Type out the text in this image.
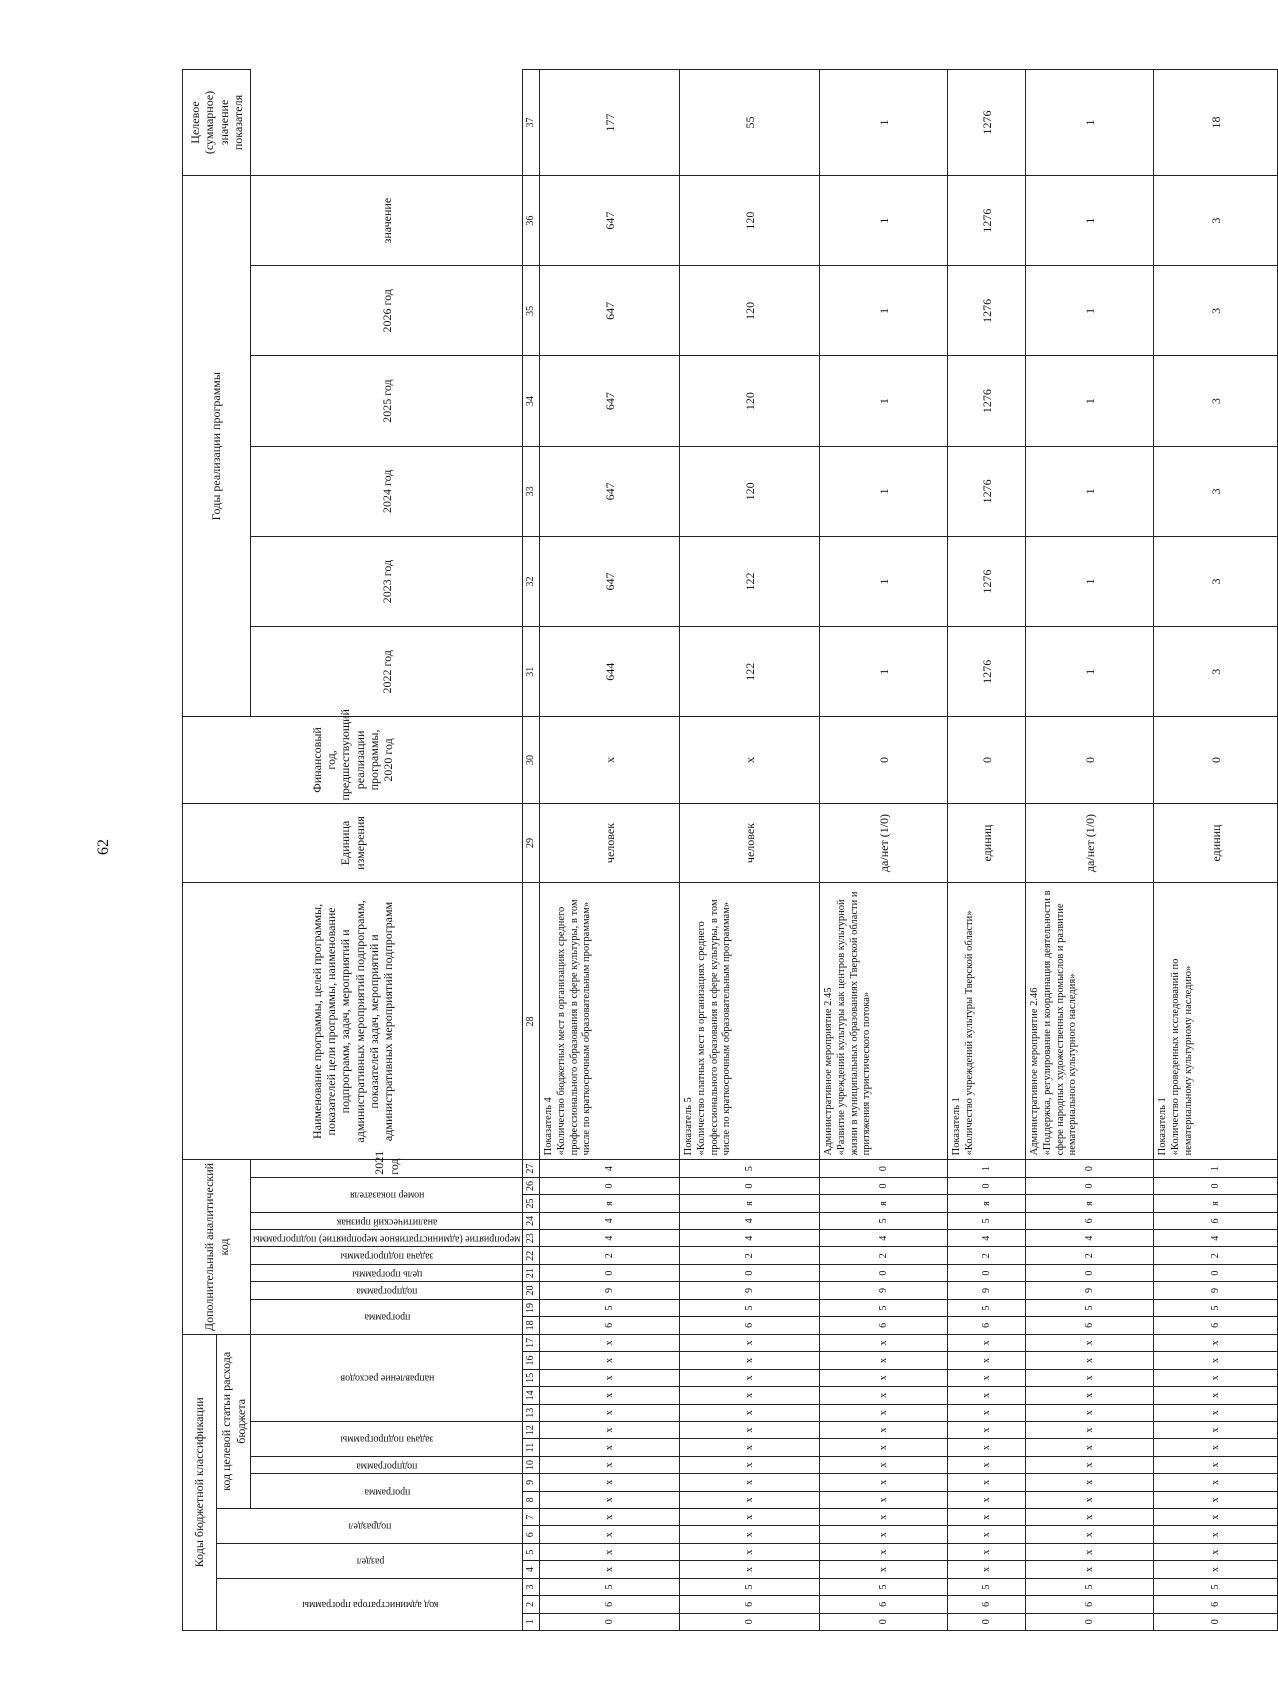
62
Коды бюджетной классификации																	Дополнительный аналитический код										Наименование программы, целей программы, показателей цели программы, наименование подпрограмм, задач, мероприятий и административных мероприятий подпрограмм, показателей задач, мероприятий и административных мероприятий подпрограмм	Единица измерения	Финансовый год, предшествующий реализации программы, 2020 год	Годы реализации программы						Целевое (суммарное) значение показателя
код администратора программы			раздел		подраздел		код целевой статьи расхода бюджета																													
							программа		подпрограмма	задача подпрограммы		направление расходов					программа		подпрограмма	цель программы	задача подпрограммы	мероприятие (административное мероприятие) подпрограммы	аналитический признак	номер показателя		2021 год				2022 год	2023 год	2024 год	2025 год	2026 год	значение	
1	2	3	4	5	6	7	8	9	10	11	12	13	14	15	16	17	18	19	20	21	22	23	24	25	26	27	28	29	30	31	32	33	34	35	36	37
0	6	5	х	х	х	х	х	х	х	х	х	х	х	х	х	х	6	5	9	0	2	4	4	я	0	4	Показатель 4 «Количество бюджетных мест в организациях среднего профессионального образования в сфере культуры, в том числе по краткосрочным образовательным программам»	человек	х	644	647	647	647	647	647	177
0	6	5	х	х	х	х	х	х	х	х	х	х	х	х	х	х	6	5	9	0	2	4	4	я	0	5	Показатель 5 «Количество платных мест в организациях среднего профессионального образования в сфере культуры, в том числе по краткосрочным образовательным программам»	человек	х	122	122	120	120	120	120	55
0	6	5	х	х	х	х	х	х	х	х	х	х	х	х	х	х	6	5	9	0	2	4	5	я	0	0	Административное мероприятие 2.45 «Развитие учреждений культуры как центров культурной жизни в муниципальных образованиях Тверской области и притяжения туристического потока»	да/нет (1/0)	0	1	1	1	1	1	1	1
0	6	5	х	х	х	х	х	х	х	х	х	х	х	х	х	х	6	5	9	0	2	4	5	я	0	1	Показатель 1 «Количество учреждений культуры Тверской области»	единиц	0	1276	1276	1276	1276	1276	1276	1276
0	6	5	х	х	х	х	х	х	х	х	х	х	х	х	х	х	6	5	9	0	2	4	6	я	0	0	Административное мероприятие 2.46 «Поддержка, регулирование и координация деятельности в сфере народных художественных промыслов и развитие нематериального культурного наследия»	да/нет (1/0)	0	1	1	1	1	1	1	1
0	6	5	х	х	х	х	х	х	х	х	х	х	х	х	х	х	6	5	9	0	2	4	6	я	0	1	Показатель 1 «Количество проведенных исследований по нематериальному культурному наследию»	единиц	0	3	3	3	3	3	3	18
